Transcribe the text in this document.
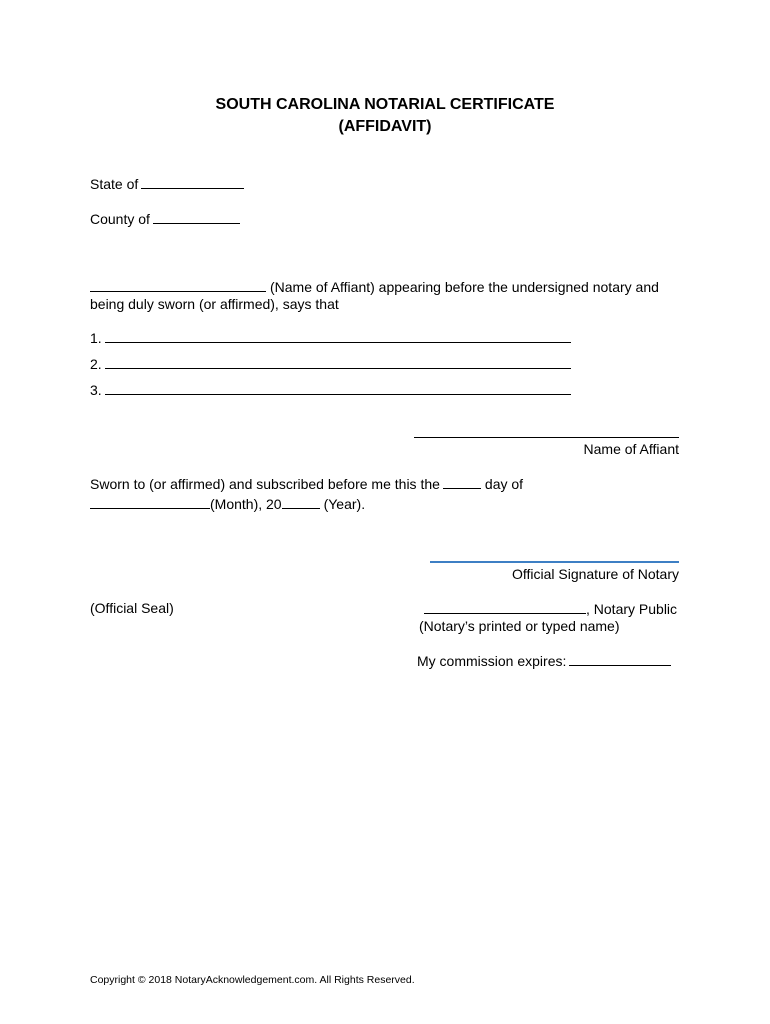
SOUTH CAROLINA NOTARIAL CERTIFICATE
(AFFIDAVIT)
State of
County of
(Name of Affiant) appearing before the undersigned notary and
being duly sworn (or affirmed), says that
1.
2.
3.
Name of Affiant
Sworn to (or affirmed) and subscribed before me this the	day of
(Month), 20	(Year).
Official Signature of Notary
(Official Seal)	, Notary Public
(Notary’s printed or typed name)
My commission expires:
Copyright © 2018 NotaryAcknowledgement.com. All Rights Reserved.
